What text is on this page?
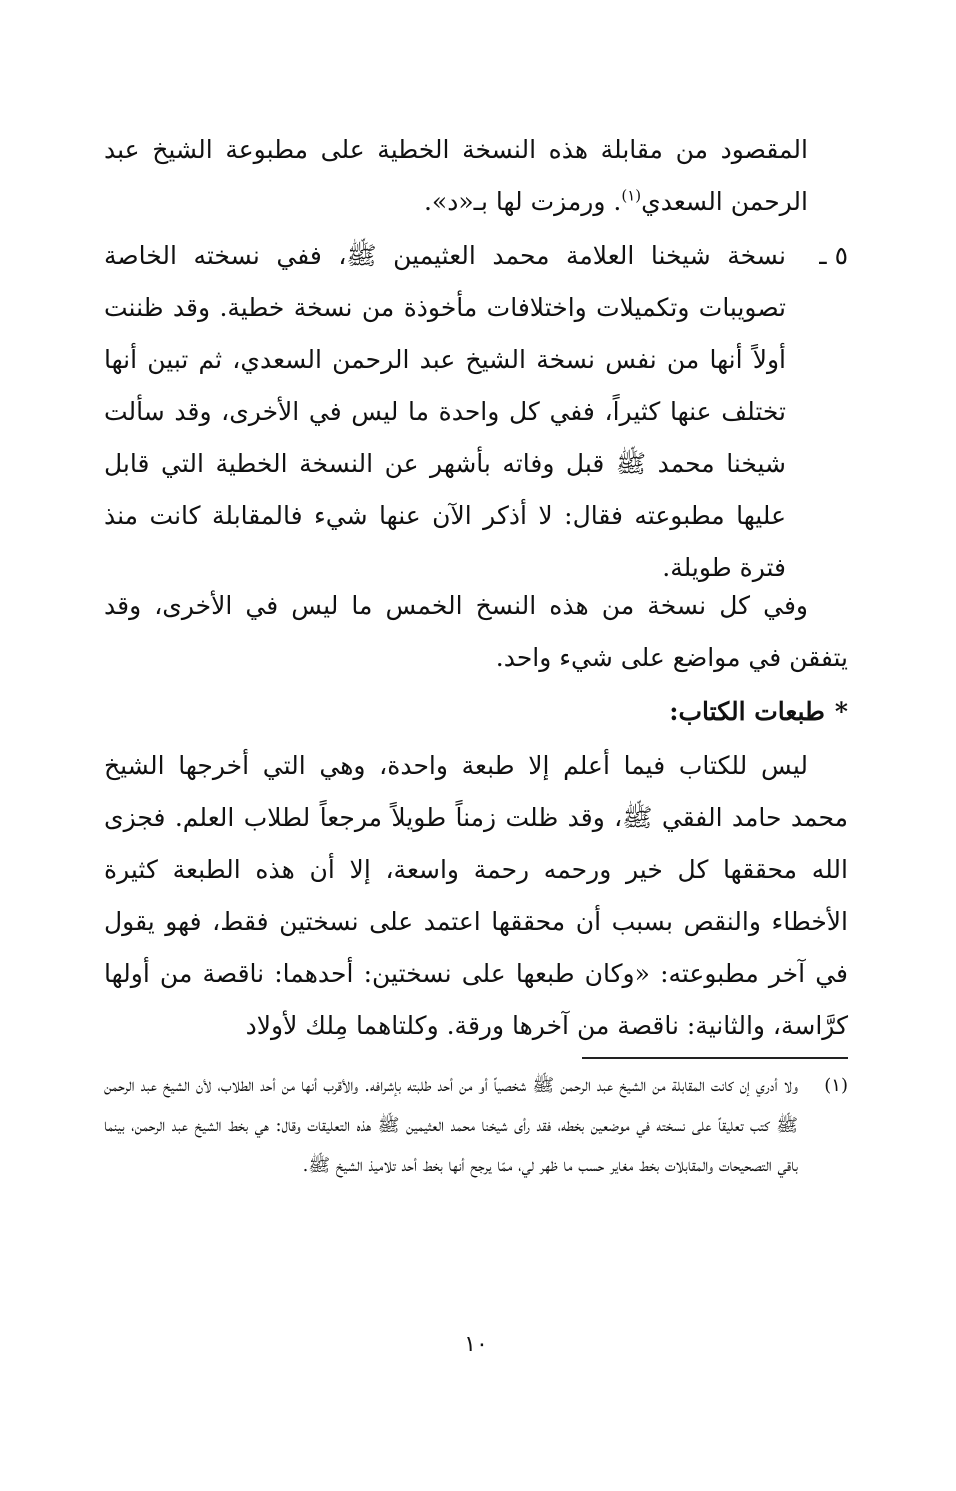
المقصود من مقابلة هذه النسخة الخطية على مطبوعة الشيخ عبد الرحمن السعدي$^{(١)}$. ورمزت لها بـ«د».

٥ ـ
نسخة شيخنا العلامة محمد العثيمين ﷺ، ففي نسخته الخاصة تصويبات وتكميلات واختلافات مأخوذة من نسخة خطية. وقد ظننت أولاً أنها من نفس نسخة الشيخ عبد الرحمن السعدي، ثم تبين أنها تختلف عنها كثيراً، ففي كل واحدة ما ليس في الأخرى، وقد سألت شيخنا محمد ﷺ قبل وفاته بأشهر عن النسخة الخطية التي قابل عليها مطبوعته فقال: لا أذكر الآن عنها شيء فالمقابلة كانت منذ فترة طويلة.

وفي كل نسخة من هذه النسخ الخمس ما ليس في الأخرى، وقد يتفقن في مواضع على شيء واحد.

*طبعات الكتاب:

ليس للكتاب فيما أعلم إلا طبعة واحدة، وهي التي أخرجها الشيخ محمد حامد الفقي ﷺ، وقد ظلت زمناً طويلاً مرجعاً لطلاب العلم. فجزى الله محققها كل خير ورحمه رحمة واسعة، إلا أن هذه الطبعة كثيرة الأخطاء والنقص بسبب أن محققها اعتمد على نسختين فقط، فهو يقول في آخر مطبوعته: «وكان طبعها على نسختين: أحدهما: ناقصة من أولها كرَّاسة، والثانية: ناقصة من آخرها ورقة. وكلتاهما مِلك لأولاد

(١)
ولا أدري إن كانت المقابلة من الشيخ عبد الرحمن ﷺ شخصياً أو من أحد طلبته بإشرافه. والأقرب أنها من أحد الطلاب، لأن الشيخ عبد الرحمن ﷺ كتب تعليقاً على نسخته في موضعين بخطه، فقد رأى شيخنا محمد العثيمين ﷺ هذه التعليقات وقال: هي بخط الشيخ عبد الرحمن، بينما باقي التصحيحات والمقابلات بخط مغاير حسب ما ظهر لي، ممّا يرجح أنها بخط أحد تلاميذ الشيخ ﷺ.
١٠
